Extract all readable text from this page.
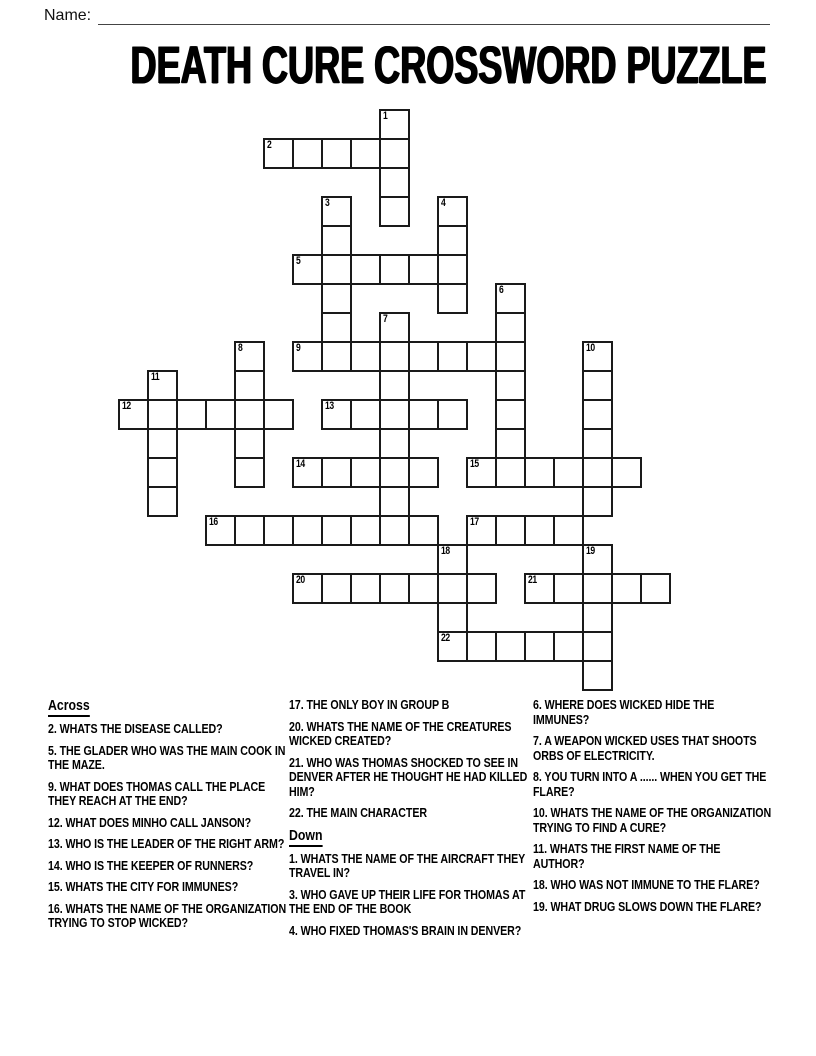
Name:
DEATH CURE CROSSWORD PUZZLE
1
2
3	4
5
6
7
8	9	10
11
12	13
14	15
16	17
18
22
19
20	21
Across
2. WHATS THE DISEASE CALLED?
5. THE GLADER WHO WAS THE MAIN COOK IN THE MAZE.
9. WHAT DOES THOMAS CALL THE PLACE THEY REACH AT THE END?
12. WHAT DOES MINHO CALL JANSON?
13. WHO IS THE LEADER OF THE RIGHT ARM?
14. WHO IS THE KEEPER OF RUNNERS?
15. WHATS THE CITY FOR IMMUNES?
16. WHATS THE NAME OF THE ORGANIZATION TRYING TO STOP WICKED?
17. THE ONLY BOY IN GROUP B
20. WHATS THE NAME OF THE CREATURES WICKED CREATED?
21. WHO WAS THOMAS SHOCKED TO SEE IN DENVER AFTER HE THOUGHT HE HAD KILLED HIM?
22. THE MAIN CHARACTER
Down
1. WHATS THE NAME OF THE AIRCRAFT THEY TRAVEL IN?
3. WHO GAVE UP THEIR LIFE FOR THOMAS AT THE END OF THE BOOK
4. WHO FIXED THOMAS'S BRAIN IN DENVER?
6. WHERE DOES WICKED HIDE THE IMMUNES?
7. A WEAPON WICKED USES THAT SHOOTS ORBS OF ELECTRICITY.
8. YOU TURN INTO A ...... WHEN YOU GET THE FLARE?
10. WHATS THE NAME OF THE ORGANIZATION TRYING TO FIND A CURE?
11. WHATS THE FIRST NAME OF THE AUTHOR?
18. WHO WAS NOT IMMUNE TO THE FLARE?
19. WHAT DRUG SLOWS DOWN THE FLARE?
